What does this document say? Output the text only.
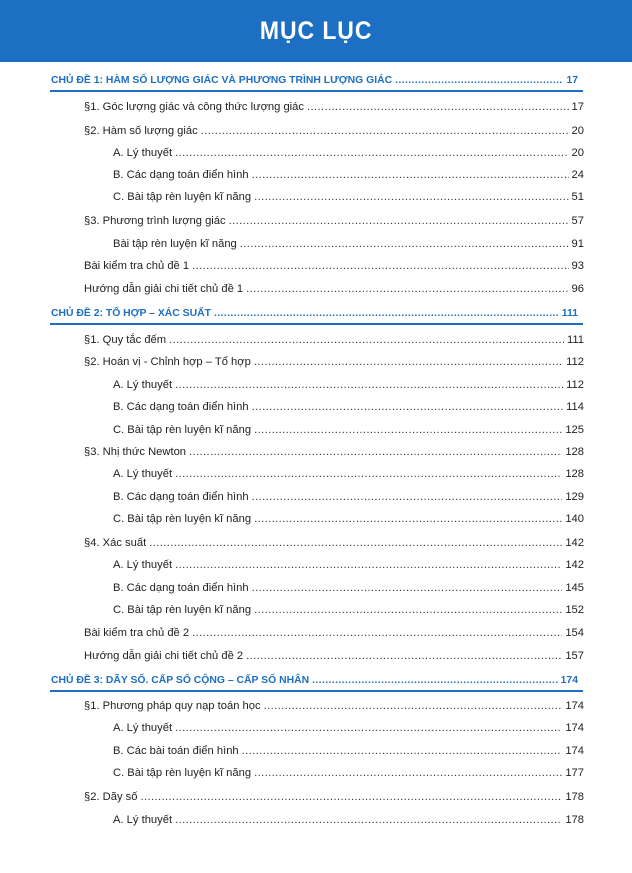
MỤC LỤC
CHỦ ĐỀ 1: HÀM SỐ LƯỢNG GIÁC VÀ PHƯƠNG TRÌNH LƯỢNG GIÁC .....	17
§1. Góc lượng giác và công thức lượng giác .....	17
§2. Hàm số lượng giác .....	20
A. Lý thuyết .....	20
B. Các dạng toán điển hình .....	24
C. Bài tập rèn luyện kĩ năng .....	51
§3. Phương trình lượng giác .....	57
Bài tập rèn luyện kĩ năng .....	91
Bài kiểm tra chủ đề 1 .....	93
Hướng dẫn giải chi tiết chủ đề 1 .....	96
CHỦ ĐỀ 2: TỔ HỢP – XÁC SUẤT .....	111
§1. Quy tắc đếm .....	111
§2. Hoán vị - Chỉnh hợp – Tổ hợp .....	112
A. Lý thuyết .....	112
B. Các dạng toán điển hình .....	114
C. Bài tập rèn luyện kĩ năng .....	125
§3. Nhị thức Newton .....	128
A. Lý thuyết .....	128
B. Các dạng toán điển hình .....	129
C. Bài tập rèn luyện kĩ năng .....	140
§4. Xác suất .....	142
A. Lý thuyết .....	142
B. Các dạng toán điển hình .....	145
C. Bài tập rèn luyện kĩ năng .....	152
Bài kiểm tra chủ đề 2 .....	154
Hướng dẫn giải chi tiết chủ đề 2 .....	157
CHỦ ĐỀ 3: DÃY SỐ. CẤP SỐ CỘNG – CẤP SỐ NHÂN .....	174
§1. Phương pháp quy nạp toán học .....	174
A. Lý thuyết .....	174
B. Các bài toán điển hình .....	174
C. Bài tập rèn luyện kĩ năng .....	177
§2. Dãy số .....	178
A. Lý thuyết .....	178
